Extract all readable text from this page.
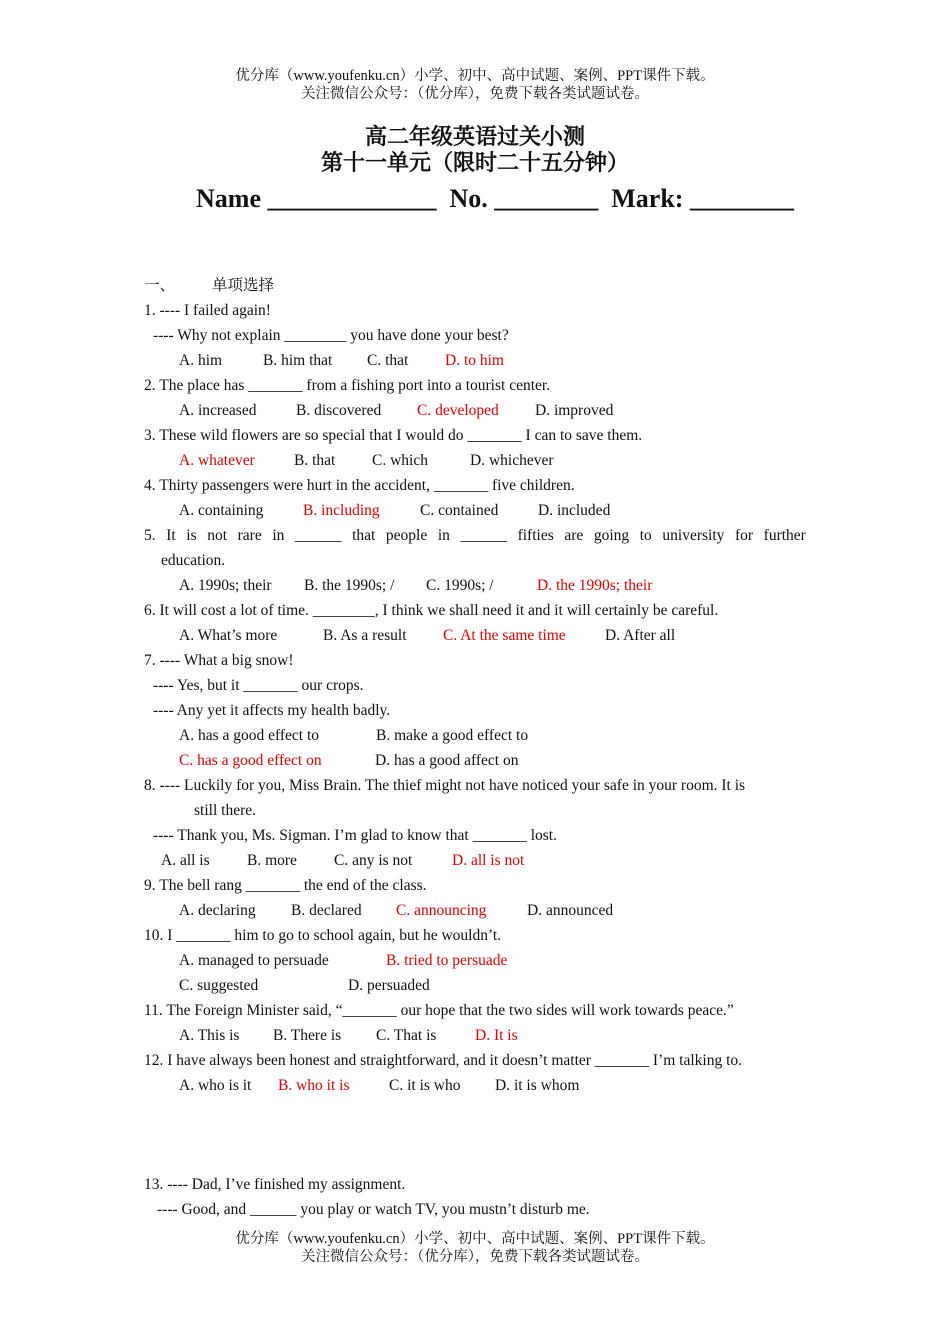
优分库（www.youfenku.cn）小学、初中、高中试题、案例、PPT课件下载。
关注微信公众号：（优分库），免费下载各类试题试卷。
高二年级英语过关小测
第十一单元（限时二十五分钟）
Name _____________  No. ________  Mark: ________
一、 单项选择
1. ---- I failed again!
---- Why not explain ________ you have done your best?
A. him	B. him that C. that D. to him
2. The place has _______ from a fishing port into a tourist center.
A. increased	B. discovered C. developed D. improved
3. These wild flowers are so special that I would do _______ I can to save them.
A. whatever	B. that C. which	D. whichever
4. Thirty passengers were hurt in the accident, _______ five children.
A. containing	B. including	C. contained	D. included
5. It is not rare in ______ that people in ______ fifties are going to university for further
education.
A. 1990s; their B. the 1990s; / C. 1990s; /	D. the 1990s; their
6. It will cost a lot of time. ________, I think we shall need it and it will certainly be careful.
A. What’s more	B. As a result C. At the same time	D. After all
7. ---- What a big snow!
---- Yes, but it _______ our crops.
---- Any yet it affects my health badly.
A. has a good effect to	B. make a good effect to
C. has a good effect on	D. has a good affect on
8. ---- Luckily for you, Miss Brain. The thief might not have noticed your safe in your room. It is
still there.
---- Thank you, Ms. Sigman. I’m glad to know that _______ lost.
A. all is B. more C. any is not	D. all is not
9. The bell rang _______ the end of the class.
A. declaring B. declared C. announcing	D. announced
10. I _______ him to go to school again, but he wouldn’t.
A. managed to persuade	B. tried to persuade
C. suggested	D. persuaded
11. The Foreign Minister said, “_______ our hope that the two sides will work towards peace.”
A. This is B. There is C. That is D. It is
12. I have always been honest and straightforward, and it doesn’t matter _______ I’m talking to.
A. who is it B. who it is	C. it is who D. it is whom
13. ---- Dad, I’ve finished my assignment.
---- Good, and ______ you play or watch TV, you mustn’t disturb me.
优分库（www.youfenku.cn）小学、初中、高中试题、案例、PPT课件下载。
关注微信公众号：（优分库），免费下载各类试题试卷。
